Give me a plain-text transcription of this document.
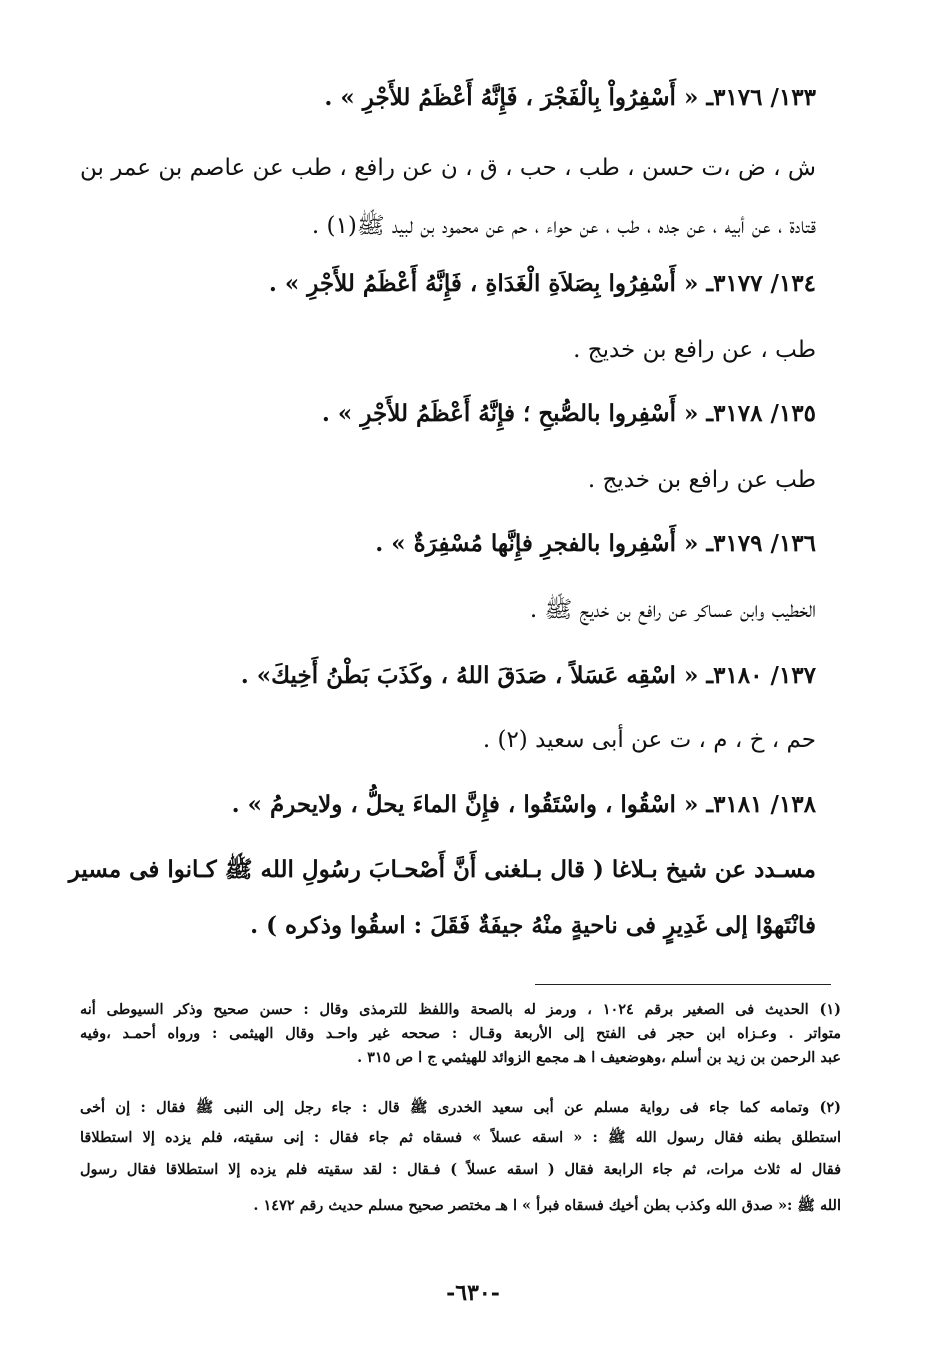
١٣٣/ ٣١٧٦ـ « أَسْفِرُواْ بِالْفَجْرَ ، فَإِنَّهُ أَعْظَمُ للأَجْرِ » .
ش ، ض ،ت حسن ، طب ، حب ، ق ، ن عن رافع ، طب عن عاصم بن عمر بن
قتادة ، عن أبيه ، عن جده ، طب ، عن حواء ، حم عن محمود بن لبيد ﷺ(١) .
١٣٤/ ٣١٧٧ـ « أَسْفِرُوا بِصَلاَةِ الْغَدَاةِ ، فَإِنَّهُ أَعْظَمُ للأَجْرِ » .
طب ، عن رافع بن خديج .
١٣٥/ ٣١٧٨ـ « أَسْفِروا بالصُّبحِ ؛ فإِنَّهُ أَعْظَمُ للأَجْرِ » .
طب عن رافع بن خديج .
١٣٦/ ٣١٧٩ـ « أَسْفِروا بالفجرِ فإِنَّها مُسْفِرَةٌ » .
الخطيب وابن عساكر عن رافع بن خديج ﷺ .
١٣٧/ ٣١٨٠ـ « اسْقِه عَسَلاً ، صَدَقَ اللهُ ، وكَذَبَ بَطْنُ أَخِيكَ» .
حم ، خ ، م ، ت عن أبى سعيد (٢) .
١٣٨/ ٣١٨١ـ « اسْقُوا ، واسْتَقُوا ، فإِنَّ الماءَ يحلُّ ، ولايحرمُ » .
مسـدد عن شيخ بـلاغا ( قال بـلغنى أَنَّ أَصْحـابَ رسُولِ الله ﷺ كـانوا فى مسير
فانْتَهوْا إلى غَدِيرٍ فى ناحيةٍ منْهُ جيفَةٌ فَقَلَ : اسقُوا وذكره ) .
(١) الحديث فى الصغير برقم ١٠٢٤ ، ورمز له بالصحة واللفظ للترمذى وقال : حسن صحيح وذكر السيوطى أنه
متواتر . وعـزاه ابن حجر فى الفتح إلى الأربعة وقـال : صححه غير واحـد وقال الهيثمى : ورواه أحمـد ،وفيه
عبد الرحمن بن زيد بن أسلم ،وهوضعيف ا هـ مجمع الزوائد للهيثمي ج ا ص ٣١٥ .
(٢) وتمامه كما جاء فى رواية مسلم عن أبى سعيد الخدرى ﷺ قال : جاء رجل إلى النبى ﷺ فقال : إن أخى
استطلق بطنه فقال رسول الله ﷺ : « اسقه عسلاً » فسقاه ثم جاء فقال : إنى سقيته، فلم يزده إلا استطلاقا
فقال له ثلاث مرات، ثم جاء الرابعة فقال ( اسقه عسلاً ) فـقال : لقد سقيته فلم يزده إلا استطلاقا فقال رسول
الله ﷺ :« صدق الله وكذب بطن أخيك فسقاه فبرأ » ا هـ مختصر صحيح مسلم حديث رقم ١٤٧٢ .
-٦٣٠-
